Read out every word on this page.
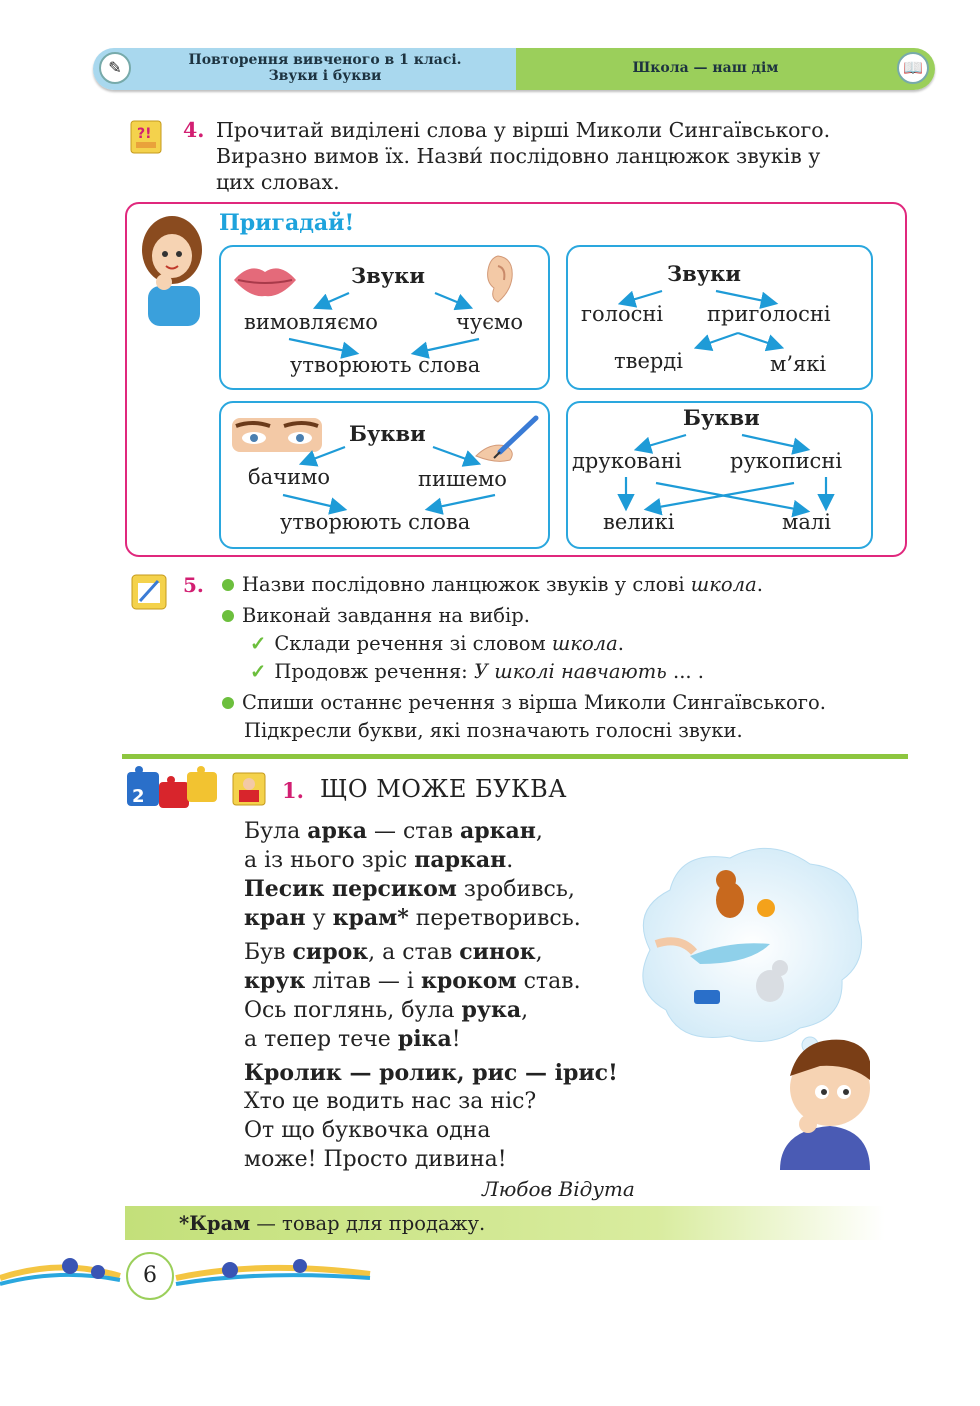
✎	Повторення вивченого в 1 класі.
Звуки і букви	Школа — наш дім	📖
?! 4. Прочитай виділені слова у вірші Миколи Сингаївського.
Виразно вимов їх. Назви́ послідовно ланцюжок звуків у
цих словах.
Пригадай!
Звуки
вимовляємо	чуємо
утворюють слова
Звуки
голосні приголосні
тверді	м’які
Букви
бачимо	пишемо
утворюють слова
Букви
друковані рукописні
великі	малі
5.	Назви послідовно ланцюжок звуків у слові школа.
Виконай завдання на вибір.
✓ Склади речення зі словом школа.
✓ Продовж речення: У школі навчають ... .
Спиши останнє речення з вірша Миколи Сингаївського.
Підкресли букви, які позначають голосні звуки.
2	1. ЩО МОЖЕ БУКВА
Була арка — став аркан,
а із нього зріс паркан.
Песик персиком зробивсь,
кран у крам* перетворивсь.
Був сирок, а став синок,
крук літав — і кроком став.
Ось поглянь, була рука,
а тепер тече ріка!
Кролик — ролик, рис — ірис!
Хто це водить нас за ніс?
От що буквочка одна
може! Просто дивина!
Любов Відута
*Крам — товар для продажу.
6
